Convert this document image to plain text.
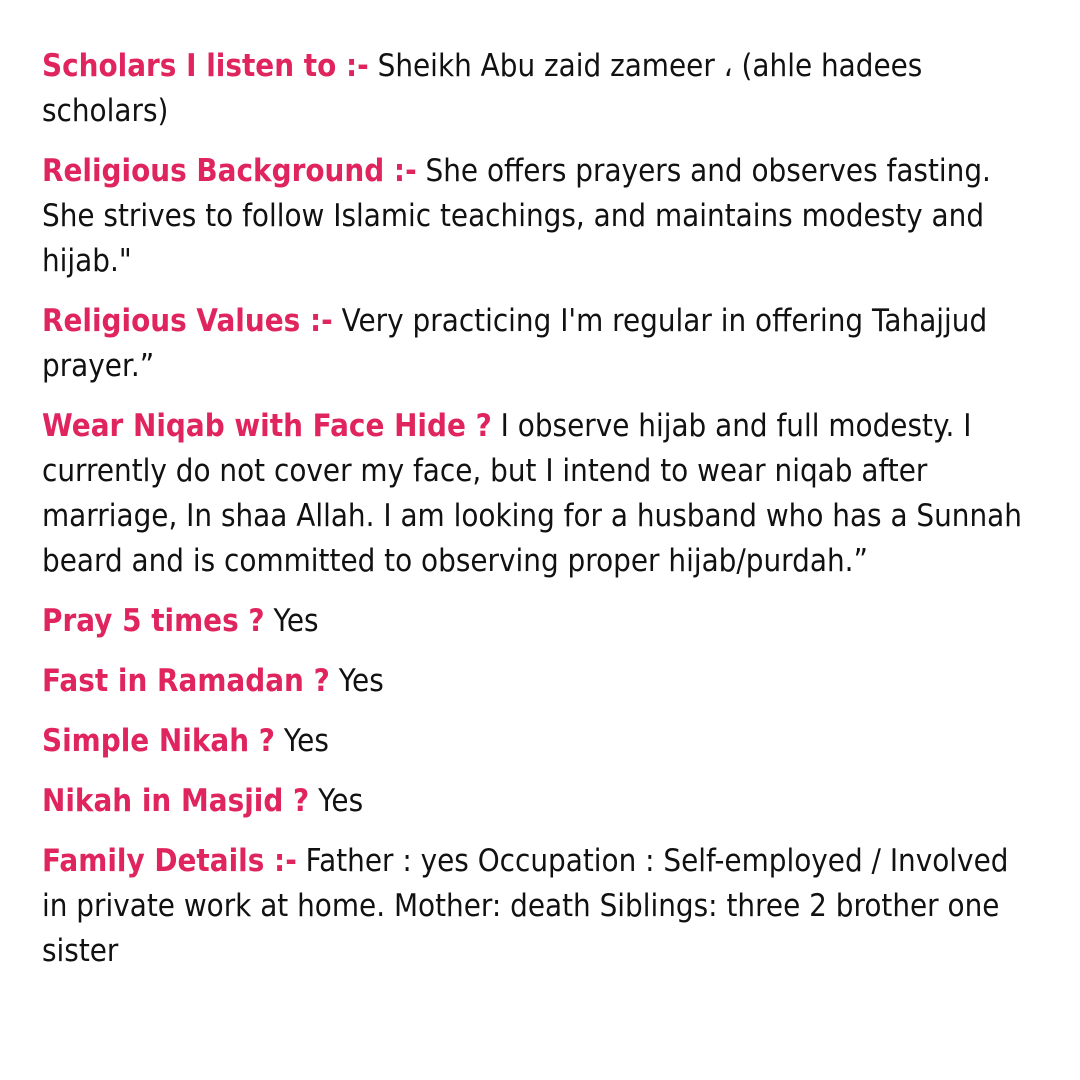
Scholars I listen to :- Sheikh Abu zaid zameer ، (ahle hadees scholars)

Religious Background :- She offers prayers and observes fasting. She strives to follow Islamic teachings, and maintains modesty and hijab."

Religious Values :- Very practicing I'm regular in offering Tahajjud prayer.”

Wear Niqab with Face Hide ? I observe hijab and full modesty. I currently do not cover my face, but I intend to wear niqab after marriage, In shaa Allah. I am looking for a husband who has a Sunnah beard and is committed to observing proper hijab/purdah.”

Pray 5 times ? Yes

Fast in Ramadan ? Yes

Simple Nikah ? Yes

Nikah in Masjid ? Yes

Family Details :- Father : yes Occupation : Self-employed / Involved in private work at home. Mother: death Siblings: three 2 brother one sister
